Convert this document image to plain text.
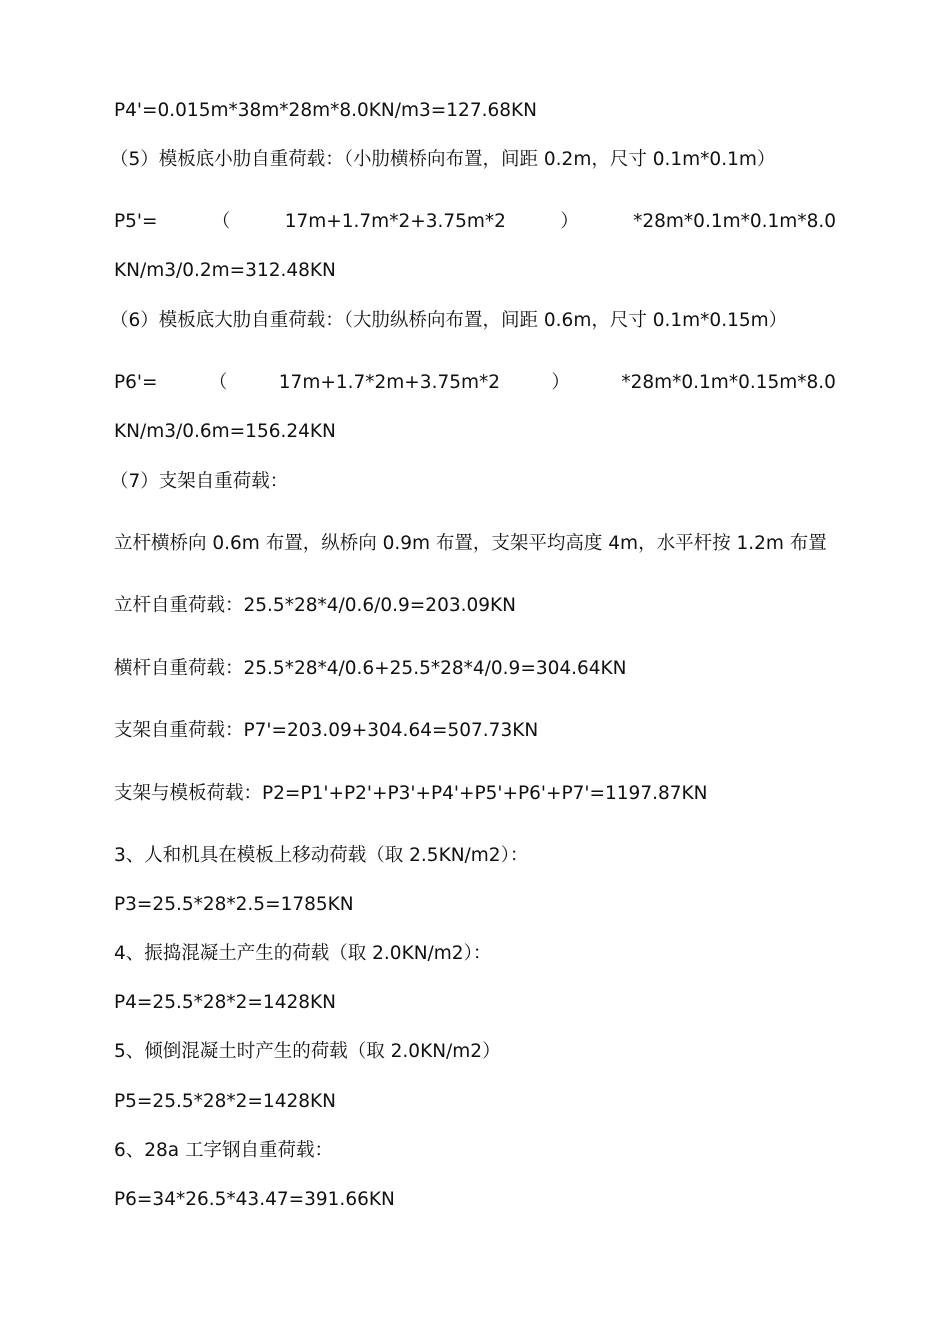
P4'=0.015m*38m*28m*8.0KN/m3=127.68KN
（5）模板底小肋自重荷载：（小肋横桥向布置，间距 0.2m，尺寸 0.1m*0.1m）
P5'=	（	17m+1.7m*2+3.75m*2	）	*28m*0.1m*0.1m*8.0
KN/m3/0.2m=312.48KN
（6）模板底大肋自重荷载：（大肋纵桥向布置，间距 0.6m，尺寸 0.1m*0.15m）
P6'=	（	17m+1.7*2m+3.75m*2	）	*28m*0.1m*0.15m*8.0
KN/m3/0.6m=156.24KN
（7）支架自重荷载：
立杆横桥向 0.6m 布置，纵桥向 0.9m 布置，支架平均高度 4m，水平杆按 1.2m 布置
立杆自重荷载：25.5*28*4/0.6/0.9=203.09KN
横杆自重荷载：25.5*28*4/0.6+25.5*28*4/0.9=304.64KN
支架自重荷载：P7'=203.09+304.64=507.73KN
支架与模板荷载：P2=P1'+P2'+P3'+P4'+P5'+P6'+P7'=1197.87KN
3、人和机具在模板上移动荷载（取 2.5KN/m2）：
P3=25.5*28*2.5=1785KN
4、振捣混凝土产生的荷载（取 2.0KN/m2）：
P4=25.5*28*2=1428KN
5、倾倒混凝土时产生的荷载（取 2.0KN/m2）
P5=25.5*28*2=1428KN
6、28a 工字钢自重荷载：
P6=34*26.5*43.47=391.66KN
